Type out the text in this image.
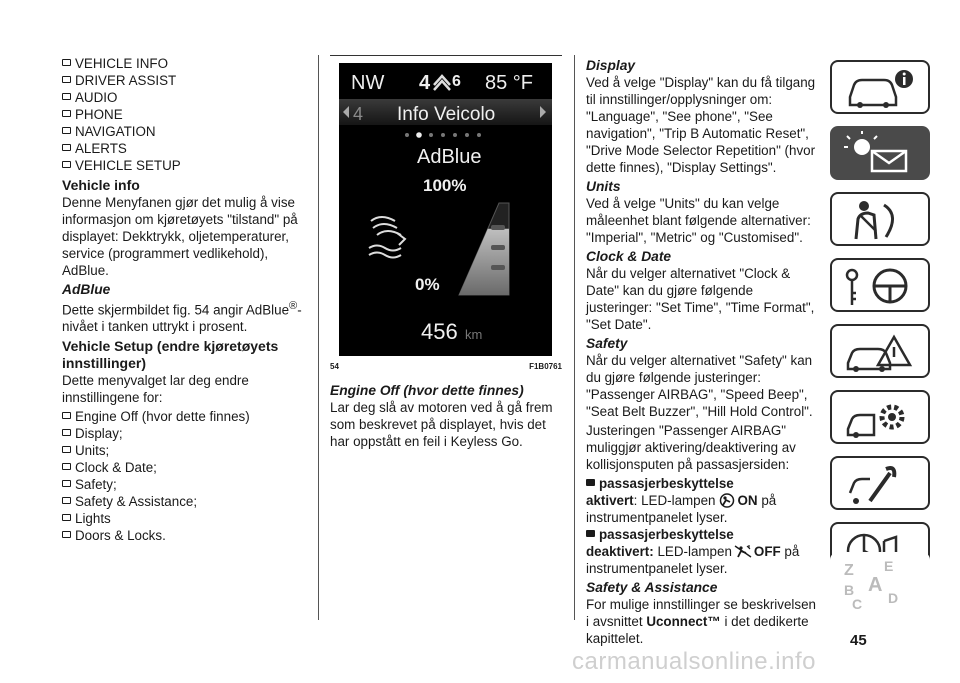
VEHICLE INFO
DRIVER ASSIST
AUDIO
PHONE
NAVIGATION
ALERTS
VEHICLE SETUP
Vehicle info
Denne Menyfanen gjør det mulig å vise informasjon om kjøretøyets "tilstand" på displayet: Dekktrykk, oljetemperaturer, service (programmert vedlikehold), AdBlue.
AdBlue
Dette skjermbildet fig. 54 angir AdBlue®-nivået i tanken uttrykt i prosent.
Vehicle Setup (endre kjøretøyets innstillinger)
Dette menyvalget lar deg endre innstillingene for:
Engine Off (hvor dette finnes)
Display;
Units;
Clock & Date;
Safety;
Safety & Assistance;
Lights
Doors & Locks.
NW 4 6 85 °F
4 Info Veicolo
AdBlue
100%
0%
456 km
54	F1B0761
Engine Off (hvor dette finnes)
Lar deg slå av motoren ved å gå frem som beskrevet på displayet, hvis det har oppstått en feil i Keyless Go.
Display
Ved å velge "Display" kan du få tilgang til innstillinger/opplysninger om: "Language", "See phone", "See navigation", "Trip B Automatic Reset", "Drive Mode Selector Repetition" (hvor dette finnes), "Display Settings".
Units
Ved å velge "Units" du kan velge måleenhet blant følgende alternativer: "Imperial", "Metric" og "Customised".
Clock & Date
Når du velger alternativet "Clock & Date" kan du gjøre følgende justeringer: "Set Time", "Time Format", "Set Date".
Safety
Når du velger alternativet "Safety" kan du gjøre følgende justeringer: "Passenger AIRBAG", "Speed Beep", "Seat Belt Buzzer", "Hill Hold Control".
Justeringen "Passenger AIRBAG" muliggjør aktivering/deaktivering av kollisjonsputen på passasjersiden:
passasjerbeskyttelse
aktivert : LED-lampen ON
på
instrumentpanelet lyser.
passasjerbeskyttelse
deaktivert:
LED-lampen OFF
på
instrumentpanelet lyser.
Safety & Assistance
For mulige innstillinger se beskrivelsen i avsnittet Uconnect™ i det dedikerte kapittelet.
Z E
B A
C D
45
carmanualsonline.info
